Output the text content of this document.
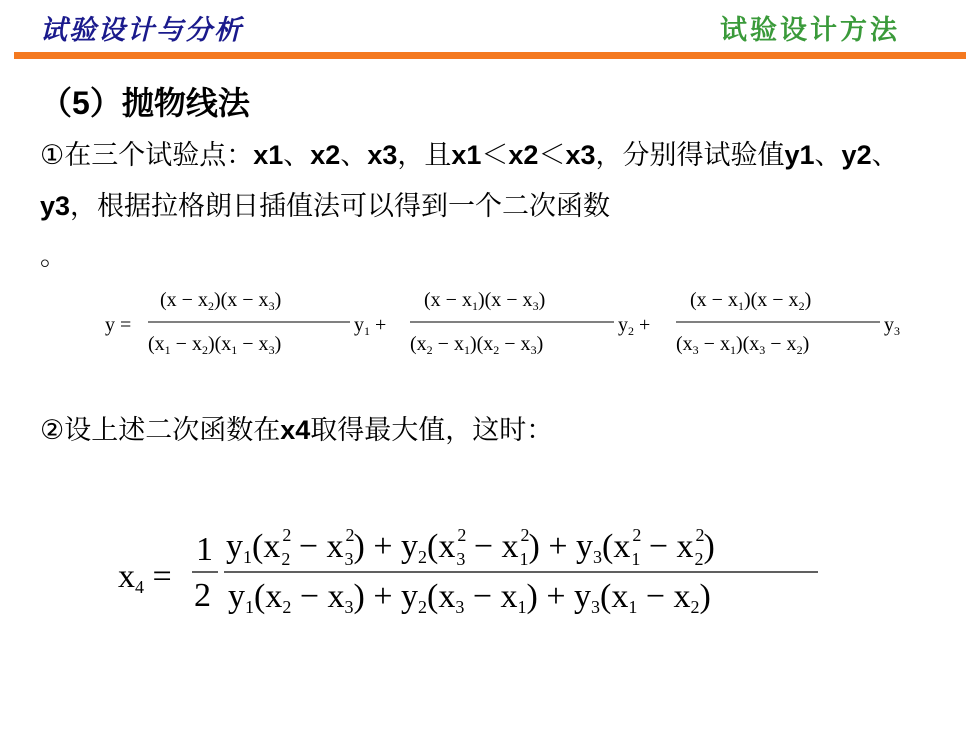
试验设计与分析	试验设计方法
（5）抛物线法
①在三个试验点：x1、x2、x3，且x1＜x2＜x3，分别得试验值y1、y2、y3，根据拉格朗日插值法可以得到一个二次函数
。
②设上述二次函数在x4取得最大值，这时：
y =
$(x - x_2)(x - x_3)$
$(x_1 - x_2)(x_1 - x_3)$
$y_1$ +
$(x - x_1)(x - x_3)$
$(x_2 - x_1)(x_2 - x_3)$
$y_2$ +
$(x - x_1)(x - x_2)$
$(x_3 - x_1)(x_3 - x_2)$
$y_3$
x4 =
1
2
y1(x $^2$ 2 − x $^2$ 3) + y2(x $^2$ 3 − x $^2$ 1) + y3(x $^2$ 1 − x $^2$ 2)
y1(x2 − x3) + y2(x3 − x1) + y3(x1 − x2)
